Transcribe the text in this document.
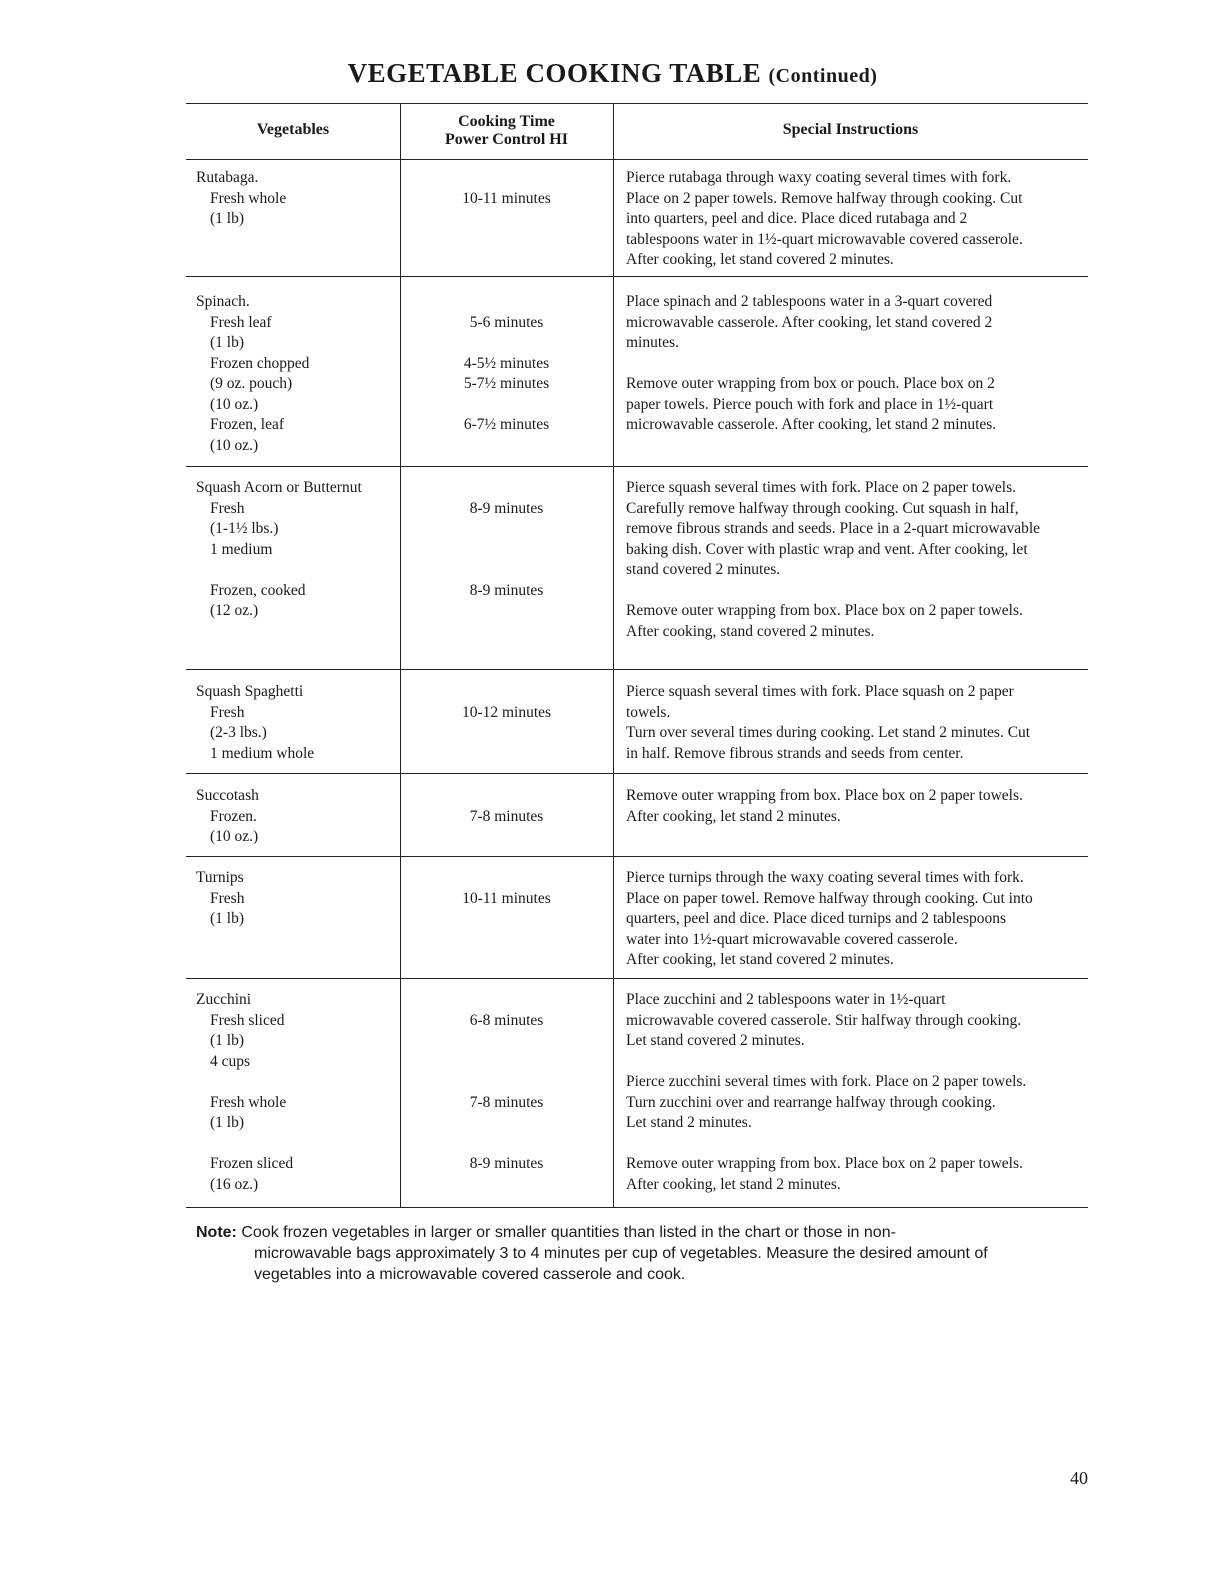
VEGETABLE COOKING TABLE (Continued)
Vegetables	Cooking Time
Power Control HI
Special Instructions
Rutabaga.
Fresh whole
(1 lb)
10-11 minutes
Pierce rutabaga through waxy coating several times with fork.
Place on 2 paper towels. Remove halfway through cooking. Cut
into quarters, peel and dice. Place diced rutabaga and 2
tablespoons water in 1½-quart microwavable covered casserole.
After cooking, let stand covered 2 minutes.
Spinach.
Fresh leaf
(1 lb)
Frozen chopped
(9 oz. pouch)
(10 oz.)
Frozen, leaf
(10 oz.)
5-6 minutes
4-5½ minutes
5-7½ minutes
6-7½ minutes
Place spinach and 2 tablespoons water in a 3-quart covered
microwavable casserole. After cooking, let stand covered 2
minutes.
Remove outer wrapping from box or pouch. Place box on 2
paper towels. Pierce pouch with fork and place in 1½-quart
microwavable casserole. After cooking, let stand 2 minutes.
Squash Acorn or Butternut
Fresh
(1-1½ lbs.)
1 medium
Frozen, cooked
(12 oz.)
8-9 minutes
8-9 minutes
Pierce squash several times with fork. Place on 2 paper towels.
Carefully remove halfway through cooking. Cut squash in half,
remove fibrous strands and seeds. Place in a 2-quart microwavable
baking dish. Cover with plastic wrap and vent. After cooking, let
stand covered 2 minutes.
Remove outer wrapping from box. Place box on 2 paper towels.
After cooking, stand covered 2 minutes.
Squash Spaghetti
Fresh
(2-3 lbs.)
1 medium whole
10-12 minutes
Pierce squash several times with fork. Place squash on 2 paper
towels.
Turn over several times during cooking. Let stand 2 minutes. Cut
in half. Remove fibrous strands and seeds from center.
Succotash
Frozen.
(10 oz.)
7-8 minutes
Remove outer wrapping from box. Place box on 2 paper towels.
After cooking, let stand 2 minutes.
Turnips
Fresh
(1 lb)
10-11 minutes
Pierce turnips through the waxy coating several times with fork.
Place on paper towel. Remove halfway through cooking. Cut into
quarters, peel and dice. Place diced turnips and 2 tablespoons
water into 1½-quart microwavable covered casserole.
After cooking, let stand covered 2 minutes.
Zucchini
Fresh sliced
(1 lb)
4 cups
Fresh whole
(1 lb)
Frozen sliced
(16 oz.)
6-8 minutes
7-8 minutes
8-9 minutes
Place zucchini and 2 tablespoons water in 1½-quart
microwavable covered casserole. Stir halfway through cooking.
Let stand covered 2 minutes.
Pierce zucchini several times with fork. Place on 2 paper towels.
Turn zucchini over and rearrange halfway through cooking.
Let stand 2 minutes.
Remove outer wrapping from box. Place box on 2 paper towels.
After cooking, let stand 2 minutes.
Note: Cook frozen vegetables in larger or smaller quantities than listed in the chart or those in non-
microwavable bags approximately 3 to 4 minutes per cup of vegetables. Measure the desired amount of
vegetables into a microwavable covered casserole and cook.
40
